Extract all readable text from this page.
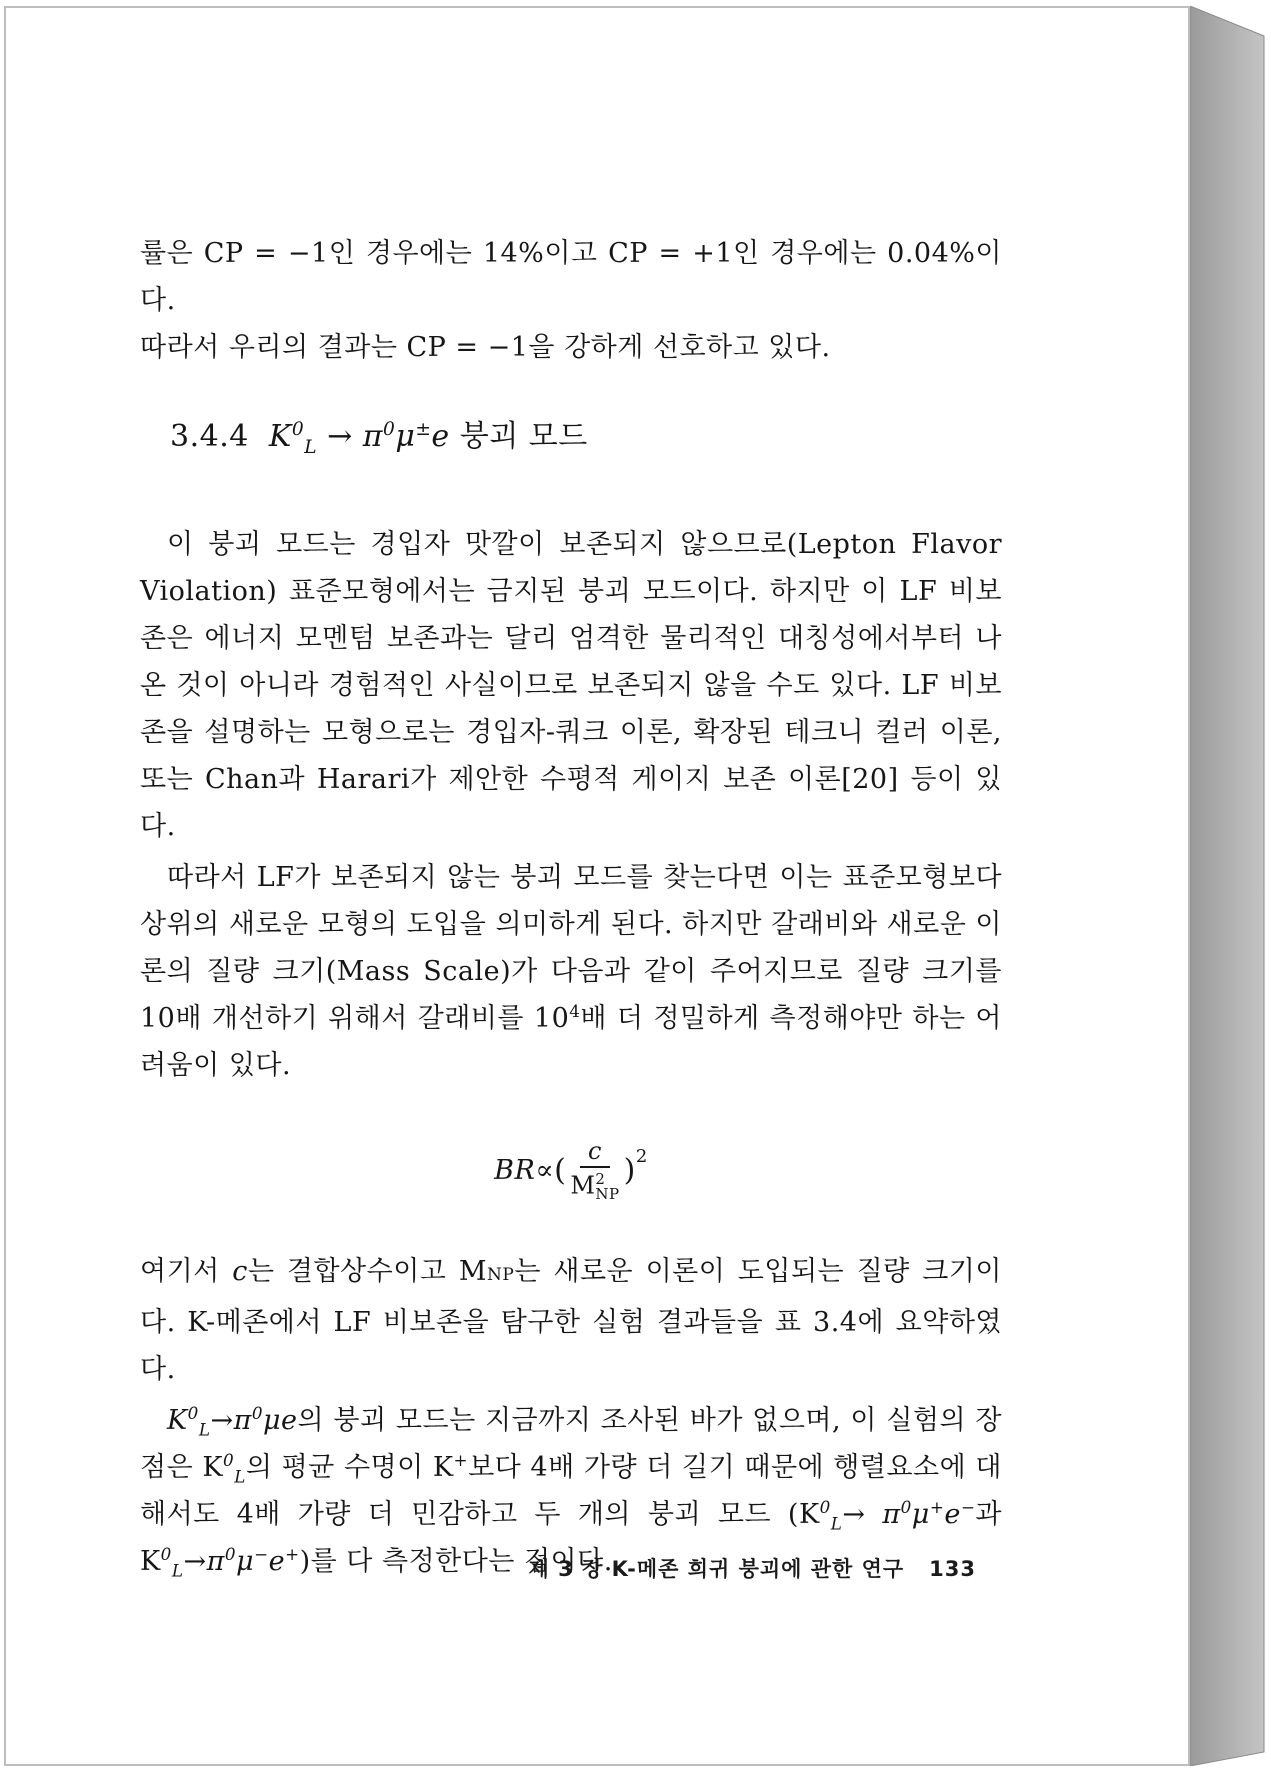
률은 CP = −1인 경우에는 14%이고 CP = +1인 경우에는 0.04%이다.

따라서 우리의 결과는 CP = −1을 강하게 선호하고 있다.

3.4.4 $K^0_L \to \pi^0\mu^\pm e$ 붕괴 모드

이 붕괴 모드는 경입자 맛깔이 보존되지 않으므로(Lepton Flavor Violation) 표준모형에서는 금지된 붕괴 모드이다. 하지만 이 LF 비보존은 에너지 모멘텀 보존과는 달리 엄격한 물리적인 대칭성에서부터 나온 것이 아니라 경험적인 사실이므로 보존되지 않을 수도 있다. LF 비보존을 설명하는 모형으로는 경입자-쿼크 이론, 확장된 테크니 컬러 이론, 또는 Chan과 Harari가 제안한 수평적 게이지 보존 이론[20] 등이 있다.

따라서 LF가 보존되지 않는 붕괴 모드를 찾는다면 이는 표준모형보다 상위의 새로운 모형의 도입을 의미하게 된다. 하지만 갈래비와 새로운 이론의 질량 크기(Mass Scale)가 다음과 같이 주어지므로 질량 크기를 10배 개선하기 위해서 갈래비를 $10^4$배 더 정밀하게 측정해야만 하는 어려움이 있다.

BR∝ ( c
M 2
NP )$^2$

여기서 c는 결합상수이고 MNP는 새로운 이론이 도입되는 질량 크기이다. K-메존에서 LF 비보존을 탐구한 실험 결과들을 표 3.4에 요약하였다.

$K^0_L\to\pi^0\mu e$의 붕괴 모드는 지금까지 조사된 바가 없으며, 이 실험의 장점은 $K^0_L$의 평균 수명이 K+보다 4배 가량 더 길기 때문에 행렬요소에 대해서도 4배 가량 더 민감하고 두 개의 붕괴 모드 ($K^0_L\to \pi^0\mu^+e^-$과 $K^0_L\to\pi^0\mu^-e^+$)를 다 측정한다는 점이다.

제 3 장 K-메존 희귀 붕괴에 관한 연구 133
